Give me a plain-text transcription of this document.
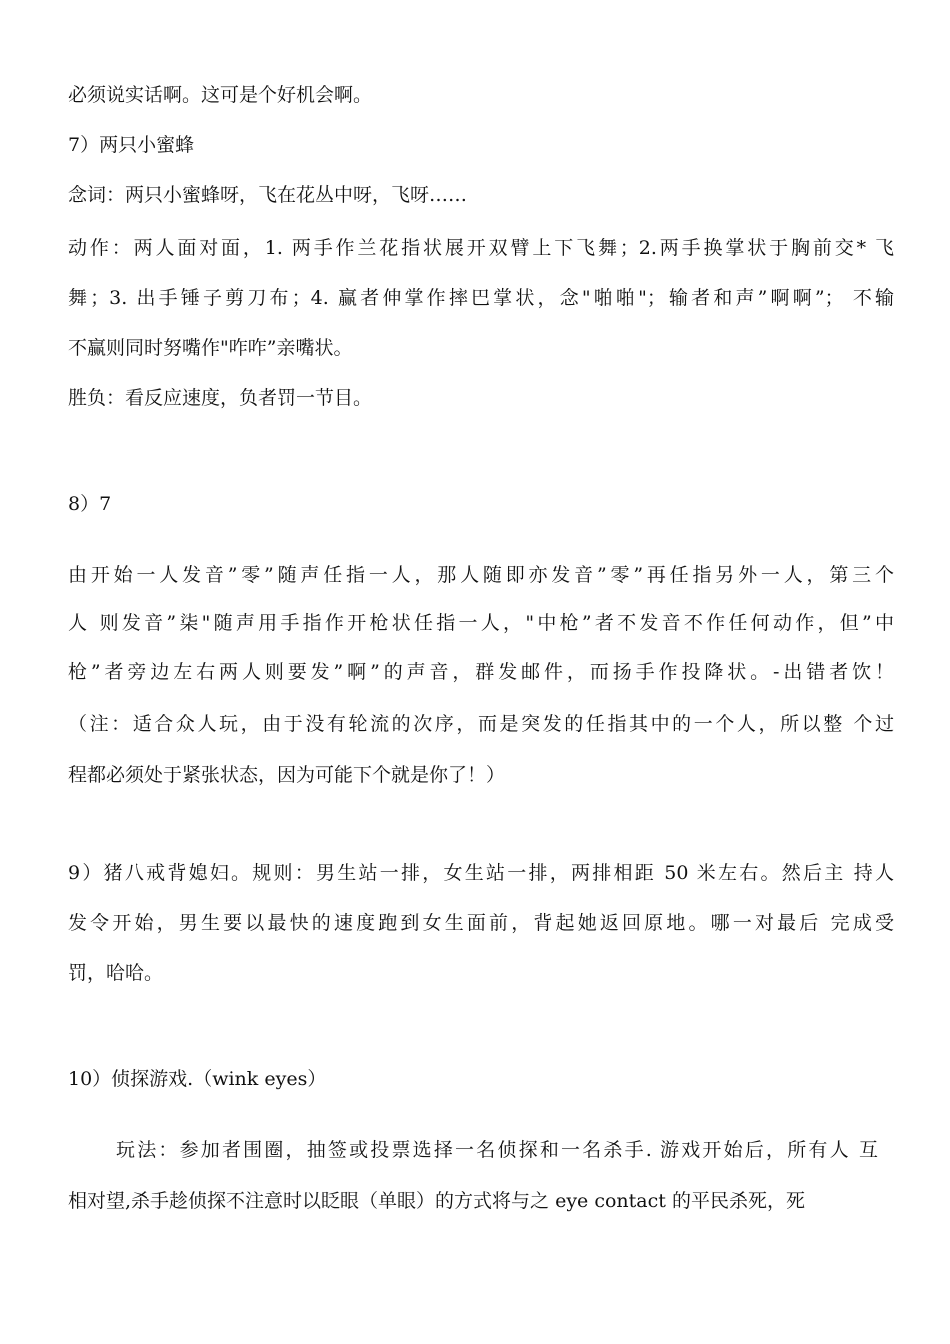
必须说实话啊。这可是个好机会啊。
7）两只小蜜蜂
念词：两只小蜜蜂呀，飞在花丛中呀，飞呀……
动作：两人面对面，1. 两手作兰花指状展开双臂上下飞舞；2.两手换掌状于胸前交* 飞
舞；3. 出手锤子剪刀布；4. 赢者伸掌作摔巴掌状，念"啪啪"；输者和声”啊啊”； 不输
不赢则同时努嘴作"咋咋”亲嘴状。
胜负：看反应速度，负者罚一节目。
8）7
由开始一人发音”零”随声任指一人，那人随即亦发音”零”再任指另外一人，第三个
人 则发音”柒"随声用手指作开枪状任指一人，"中枪”者不发音不作任何动作，但”中
枪”者旁边左右两人则要发”啊”的声音，群发邮件，而扬手作投降状。-出错者饮！
（注：适合众人玩，由于没有轮流的次序，而是突发的任指其中的一个人，所以整 个过
程都必须处于紧张状态，因为可能下个就是你了！）
9）猪八戒背媳妇。规则：男生站一排，女生站一排，两排相距 50 米左右。然后主 持人
发令开始，男生要以最快的速度跑到女生面前，背起她返回原地。哪一对最后 完成受
罚，哈哈。
10）侦探游戏.（wink eyes）
玩法：参加者围圈，抽签或投票选择一名侦探和一名杀手. 游戏开始后，所有人 互
相对望,杀手趁侦探不注意时以眨眼（单眼）的方式将与之 eye contact 的平民杀死，死
